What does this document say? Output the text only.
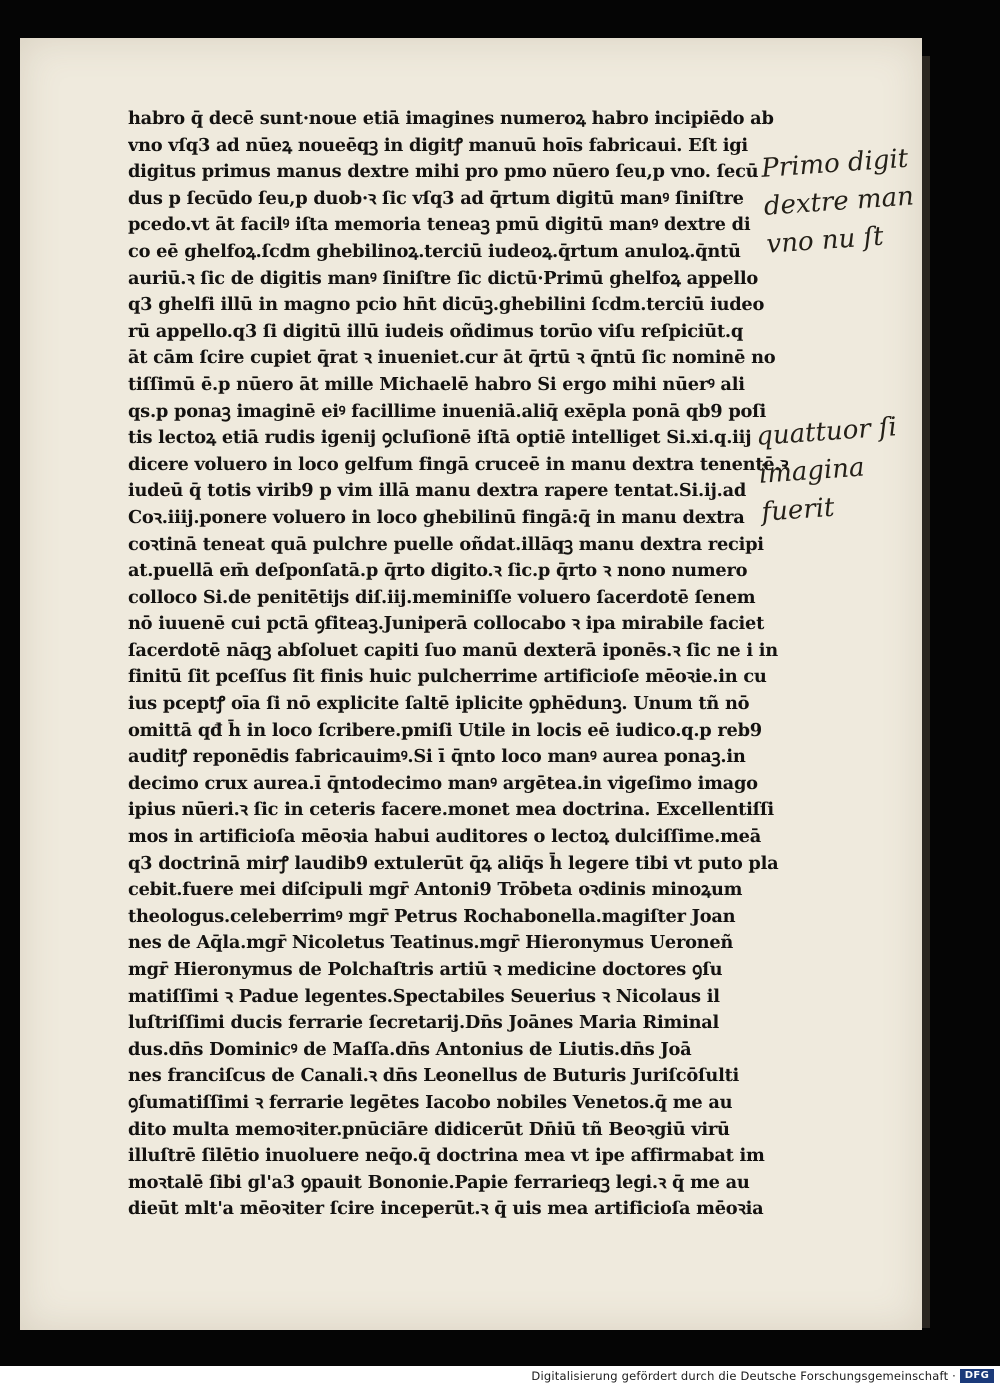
habro q̄ decē sunt·noue etiā imagines numeroꝝ habro incipiēdo ab
vno vſq3 ad nūeꝝ noueēqꝫ in digitꝭ manuū hoīs fabricaui. Eſt igi
digitus primus manus dextre mihi pro pmo nūero ſeu,p vno. ſecū
dus p ſecūdo ſeu,p duob·ꝛ ſic vſq3 ad q̄rtum digitū manꝰ ſiniſtre
pcedo.vt āt facilꝰ iſta memoria teneaꝫ pmū digitū manꝰ dextre di
co eē ghelfoꝝ.ſcdm ghebilinoꝝ.terciū iudeoꝝ.q̄rtum anuloꝝ.q̄ntū
auriū.ꝛ ſic de digitis manꝰ ſiniſtre ſic dictū·Primū ghelfoꝝ appello
q3 ghelfi illū in magno pcio hn̄t dicūꝫ.ghebilini ſcdm.terciū iudeo
rū appello.q3 ſi digitū illū iudeis oñdimus torūo viſu reſpiciūt.q
āt cām ſcire cupiet q̄rat ꝛ inueniet.cur āt q̄rtū ꝛ q̄ntū ſic nominē no
tiſſimū ē.p nūero āt mille Michaelē habro Si ergo mihi nūerꝰ ali
qs.p ponaꝫ imaginē eiꝰ facillime inueniā.aliq̄ exēpla ponā qb9 poſi
tis lectoꝝ etiā rudis igenij ꝯcluſionē iſtā optiē intelliget Si.xi.q.iij
dicere voluero in loco gelfum fingā cruceē in manu dextra tenentē.ꝛ
iudeū q̄ totis virib9 p vim illā manu dextra rapere tentat.Si.ij.ad
Coꝛ.iiij.ponere voluero in loco ghebilinū fingā:q̄ in manu dextra
coꝛtinā teneat quā pulchre puelle oñdat.illāqꝫ manu dextra recipi
at.puellā em̄ deſponſatā.p q̄rto digito.ꝛ ſic.p q̄rto ꝛ nono numero
colloco Si.de penitētijs diſ.iij.meminiſſe voluero ſacerdotē ſenem
nō iuuenē cui pctā ꝯfiteaꝫ.Juniperā collocabo ꝛ ipa mirabile faciet
ſacerdotē nāqꝫ abſoluet capiti ſuo manū dexterā iponēs.ꝛ ſic ne i in
finitū ſit pceſſus ſit finis huic pulcherrime artificioſe mēoꝛie.in cu
ius pceptꝭ oīa ſi nō explicite ſaltē iplicite ꝯphēdunꝫ. Unum tñ nō
omittā qđ h̄ in loco ſcribere.pmiſi Utile in locis eē iudico.q.p reb9
auditꝭ reponēdis fabricauimꝰ.Si ī q̄nto loco manꝰ aurea ponaꝫ.in
decimo crux aurea.ī q̄ntodecimo manꝰ argētea.in vigeſimo imago
ipius nūeri.ꝛ ſic in ceteris facere.monet mea doctrina. Excellentiſſi
mos in artificioſa mēoꝛia habui auditores o lectoꝝ dulciſſime.meā
q3 doctrinā mirꝭ laudib9 extulerūt q̄ꝝ aliq̄s h̄ legere tibi vt puto pla
cebit.fuere mei diſcipuli mgr̄ Antoni9 Trōbeta oꝛdinis minoꝝum
theologus.celeberrimꝰ mgr̄ Petrus Rochabonella.magiſter Joan
nes de Aq̄la.mgr̄ Nicoletus Teatinus.mgr̄ Hieronymus Ueroneñ
mgr̄ Hieronymus de Polchaſtris artiū ꝛ medicine doctores ꝯſu
matiſſimi ꝛ Padue legentes.Spectabiles Seuerius ꝛ Nicolaus il
luſtriſſimi ducis ferrarie ſecretarij.Dn̄s Joānes Maria Riminal
dus.dn̄s Dominicꝰ de Maſſa.dn̄s Antonius de Liutis.dn̄s Joā
nes franciſcus de Canali.ꝛ dn̄s Leonellus de Buturis Juriſcōſulti
ꝯſumatiſſimi ꝛ ferrarie legētes Iacobo nobiles Venetos.q̄ me au
dito multa memoꝛiter.pnūciāre didicerūt Dn̄iū tñ Beoꝛgiū virū
illuſtrē ſilētio inuoluere neq̄o.q̄ doctrina mea vt ipe affirmabat im
moꝛtalē ſibi gl'a3 ꝯpauit Bononie.Papie ferrarieqꝫ legi.ꝛ q̄ me au
dieūt mlt'a mēoꝛiter ſcire inceperūt.ꝛ q̄ uis mea artificioſa mēoꝛia
Primo digit
dextre man
vno nu ſt
quattuor ſi
imagina
fuerit
Digitalisierung gefördert durch die Deutsche Forschungsgemeinschaft · DFG
